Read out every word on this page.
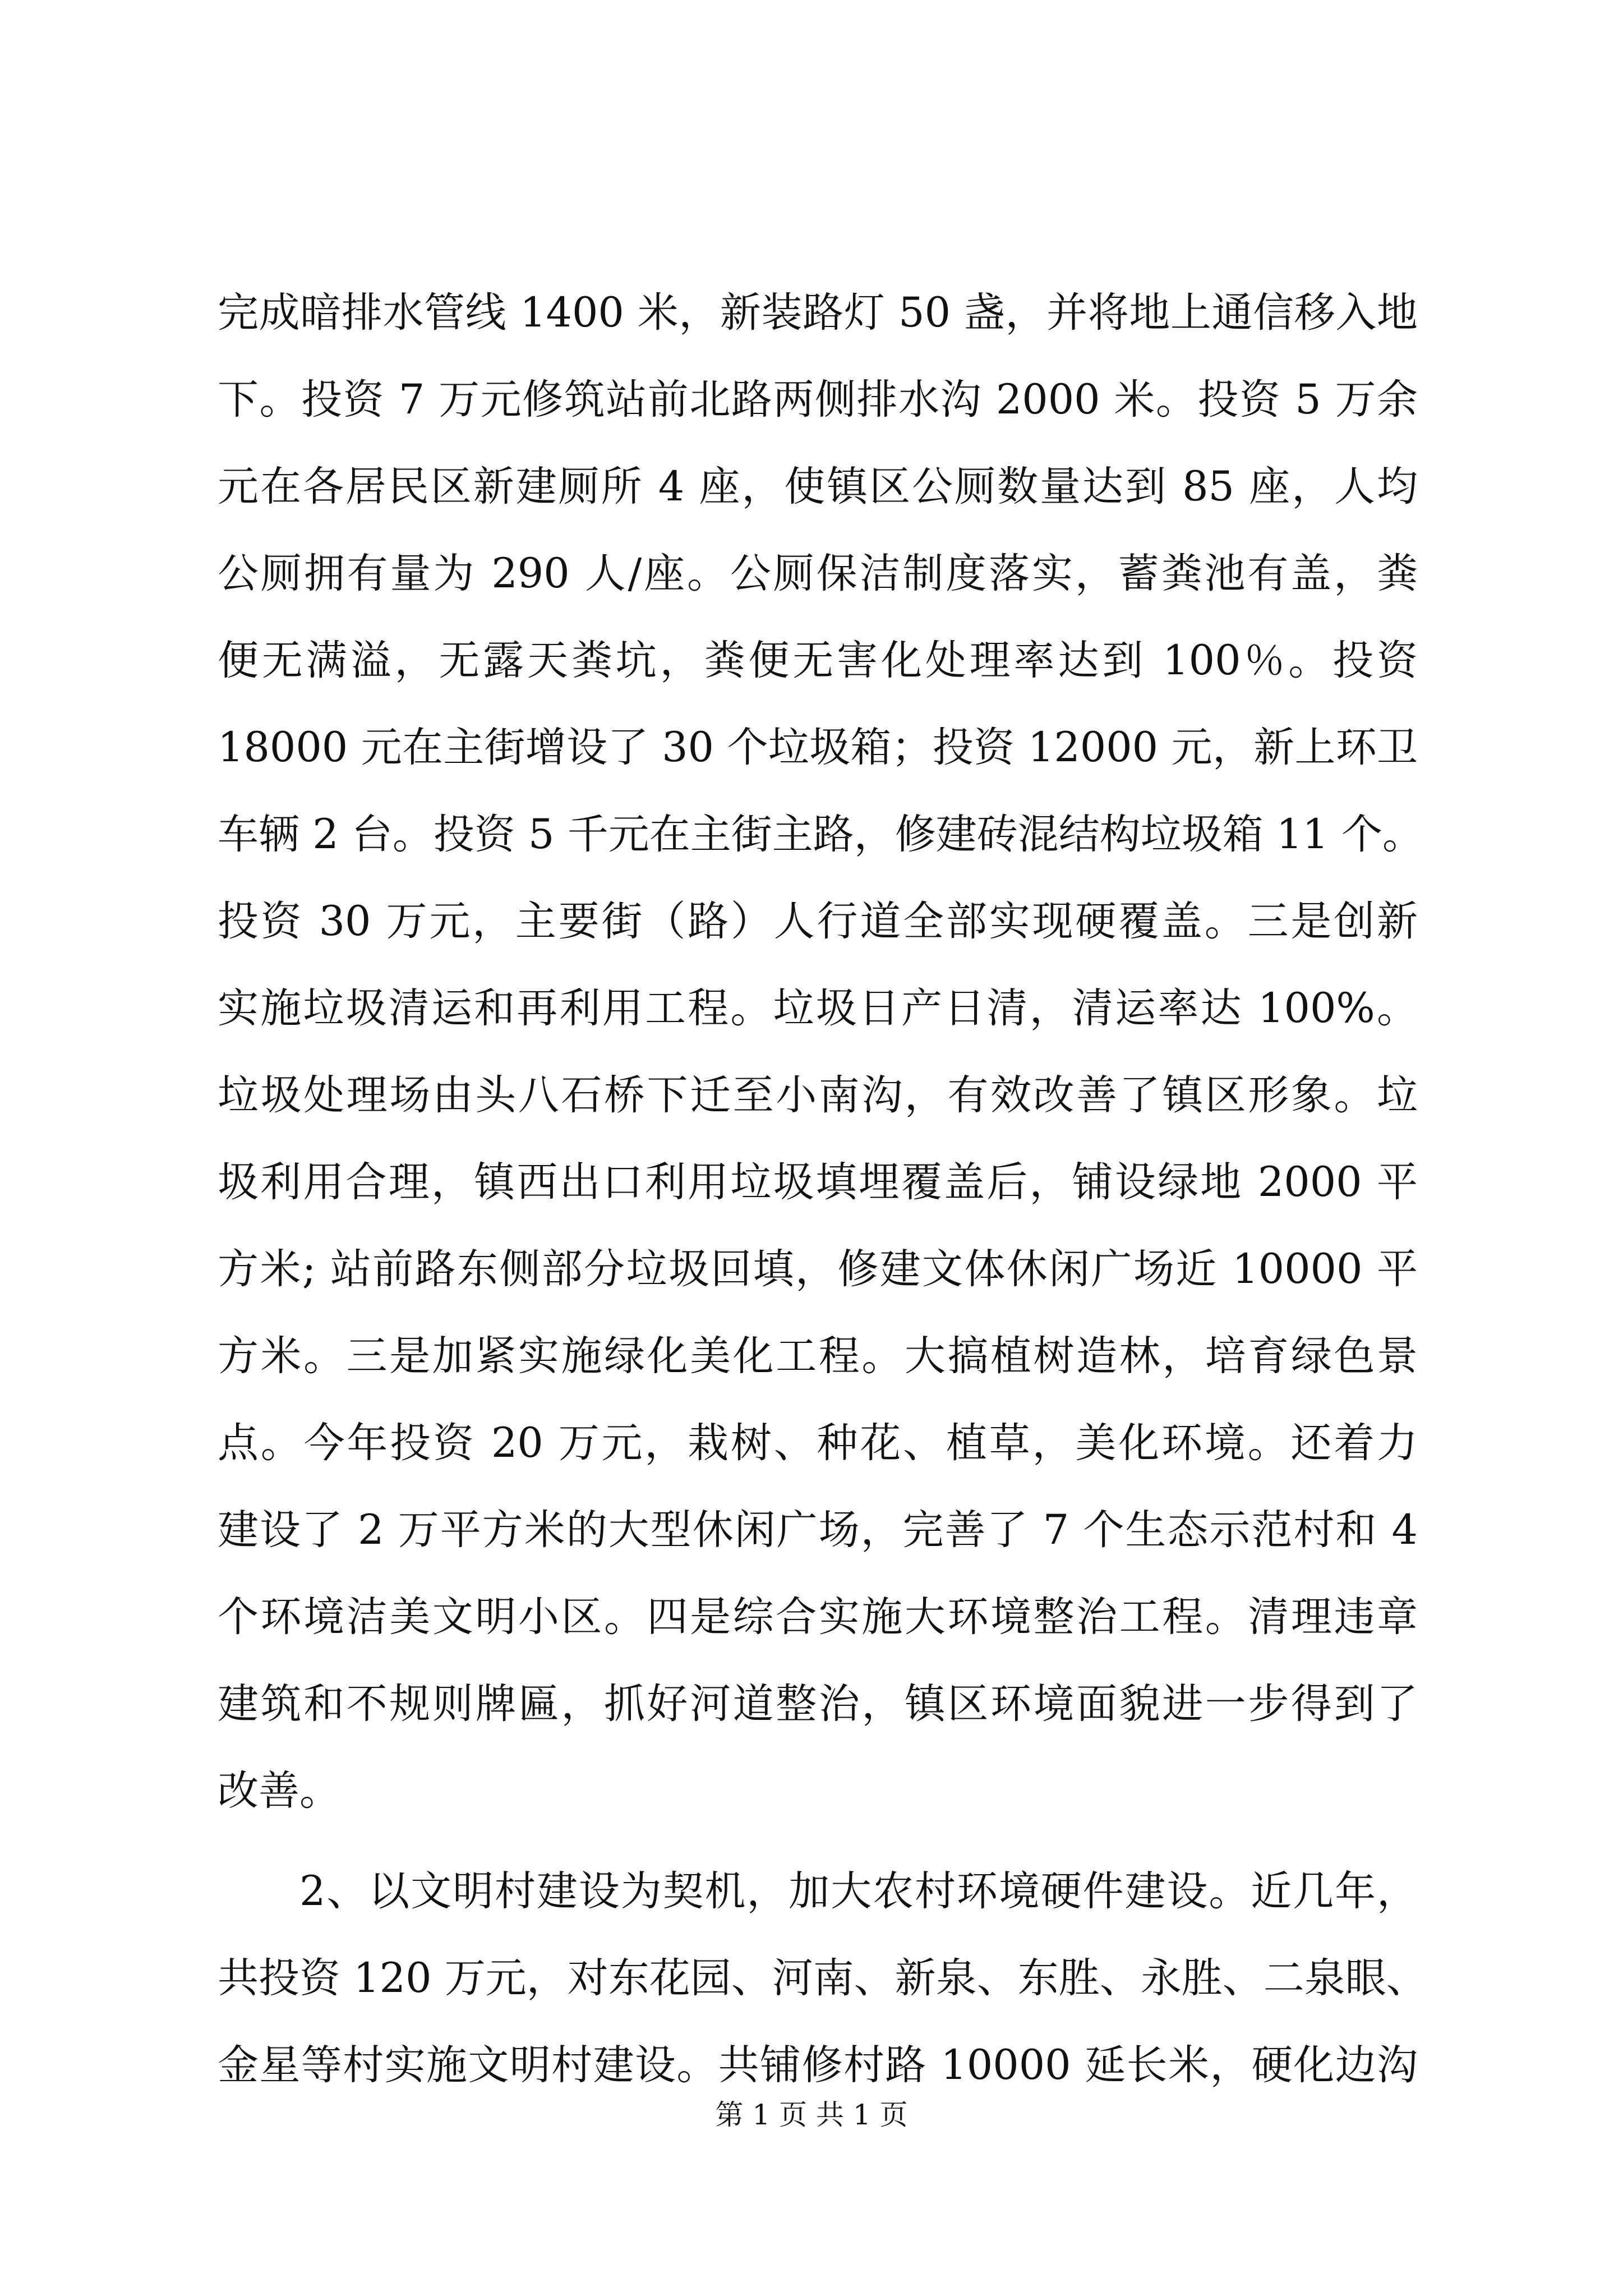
完成暗排水管线 1400 米，新装路灯 50 盏，并将地上通信移入地
下。投资 7 万元修筑站前北路两侧排水沟 2000 米。投资 5 万余
元在各居民区新建厕所 4 座，使镇区公厕数量达到 85 座，人均
公厕拥有量为 290 人/座。公厕保洁制度落实，蓄粪池有盖，粪
便无满溢，无露天粪坑，粪便无害化处理率达到 100％。投资
18000 元在主街增设了 30 个垃圾箱；投资 12000 元，新上环卫
车辆 2 台。投资 5 千元在主街主路，修建砖混结构垃圾箱 11 个。
投资 30 万元，主要街（路）人行道全部实现硬覆盖。三是创新
实施垃圾清运和再利用工程。垃圾日产日清，清运率达 100%。
垃圾处理场由头八石桥下迁至小南沟，有效改善了镇区形象。垃
圾利用合理，镇西出口利用垃圾填埋覆盖后，铺设绿地 2000 平
方米; 站前路东侧部分垃圾回填，修建文体休闲广场近 10000 平
方米。三是加紧实施绿化美化工程。大搞植树造林，培育绿色景
点。今年投资 20 万元，栽树、种花、植草，美化环境。还着力
建设了 2 万平方米的大型休闲广场，完善了 7 个生态示范村和 4
个环境洁美文明小区。四是综合实施大环境整治工程。清理违章
建筑和不规则牌匾，抓好河道整治，镇区环境面貌进一步得到了
改善。
2、以文明村建设为契机，加大农村环境硬件建设。近几年，
共投资 120 万元，对东花园、河南、新泉、东胜、永胜、二泉眼、
金星等村实施文明村建设。共铺修村路 10000 延长米，硬化边沟
第 1 页 共 1 页
